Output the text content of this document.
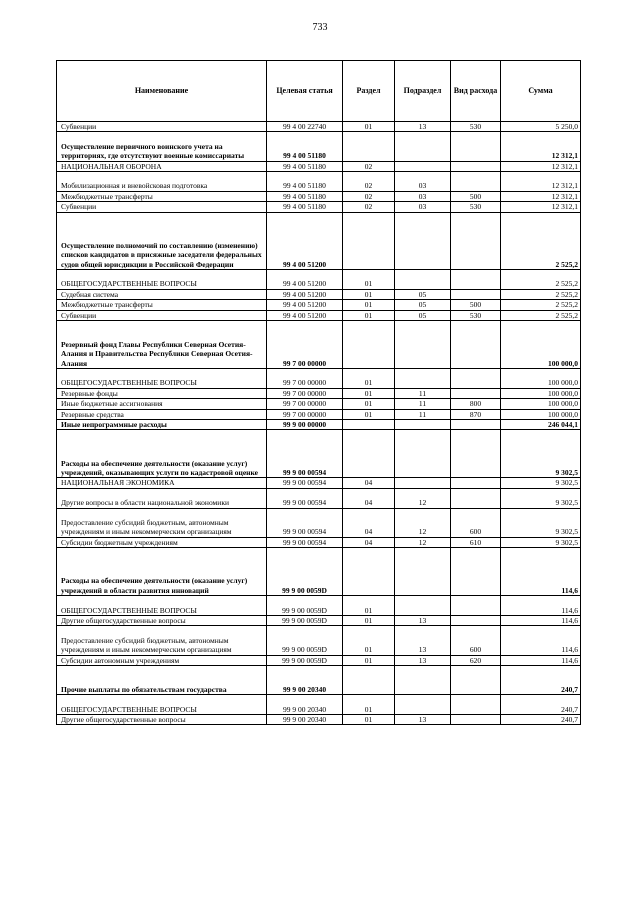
733
Наименование	Целевая статья	Раздел	Подраздел	Вид расхода	Сумма
Субвенции	99 4 00 22740	01	13	530	5 250,0
Осуществление первичного воинского учета на территориях, где отсутствуют военные комиссариаты	99 4 00 51180				12 312,1
НАЦИОНАЛЬНАЯ ОБОРОНА	99 4 00 51180	02			12 312,1
Мобилизационная и вневойсковая подготовка	99 4 00 51180	02	03		12 312,1
Межбюджетные трансферты	99 4 00 51180	02	03	500	12 312,1
Субвенции	99 4 00 51180	02	03	530	12 312,1
Осуществление полномочий по составлению (изменению) списков кандидатов в присяжные заседатели федеральных судов общей юрисдикции в Российской Федерации	99 4 00 51200				2 525,2
ОБЩЕГОСУДАРСТВЕННЫЕ ВОПРОСЫ	99 4 00 51200	01			2 525,2
Судебная система	99 4 00 51200	01	05		2 525,2
Межбюджетные трансферты	99 4 00 51200	01	05	500	2 525,2
Субвенции	99 4 00 51200	01	05	530	2 525,2
Резервный фонд Главы Республики Северная Осетия-Алания и Правительства Республики Северная Осетия-Алания	99 7 00 00000				100 000,0
ОБЩЕГОСУДАРСТВЕННЫЕ ВОПРОСЫ	99 7 00 00000	01			100 000,0
Резервные фонды	99 7 00 00000	01	11		100 000,0
Иные бюджетные ассигнования	99 7 00 00000	01	11	800	100 000,0
Резервные средства	99 7 00 00000	01	11	870	100 000,0
Иные непрограммные расходы	99 9 00 00000				246 044,1
Расходы на обеспечение деятельности (оказание услуг) учреждений, оказывающих услуги по кадастровой оценке	99 9 00 00594				9 302,5
НАЦИОНАЛЬНАЯ ЭКОНОМИКА	99 9 00 00594	04			9 302,5
Другие вопросы в области национальной экономики	99 9 00 00594	04	12		9 302,5
Предоставление субсидий бюджетным, автономным учреждениям и иным некоммерческим организациям	99 9 00 00594	04	12	600	9 302,5
Субсидии бюджетным учреждениям	99 9 00 00594	04	12	610	9 302,5
Расходы на обеспечение деятельности (оказание услуг) учреждений в области развития инноваций	99 9 00 0059D				114,6
ОБЩЕГОСУДАРСТВЕННЫЕ ВОПРОСЫ	99 9 00 0059D	01			114,6
Другие общегосударственные вопросы	99 9 00 0059D	01	13		114,6
Предоставление субсидий бюджетным, автономным учреждениям и иным некоммерческим организациям	99 9 00 0059D	01	13	600	114,6
Субсидии автономным учреждениям	99 9 00 0059D	01	13	620	114,6
Прочие выплаты по обязательствам государства	99 9 00 20340				240,7
ОБЩЕГОСУДАРСТВЕННЫЕ ВОПРОСЫ	99 9 00 20340	01			240,7
Другие общегосударственные вопросы	99 9 00 20340	01	13		240,7
